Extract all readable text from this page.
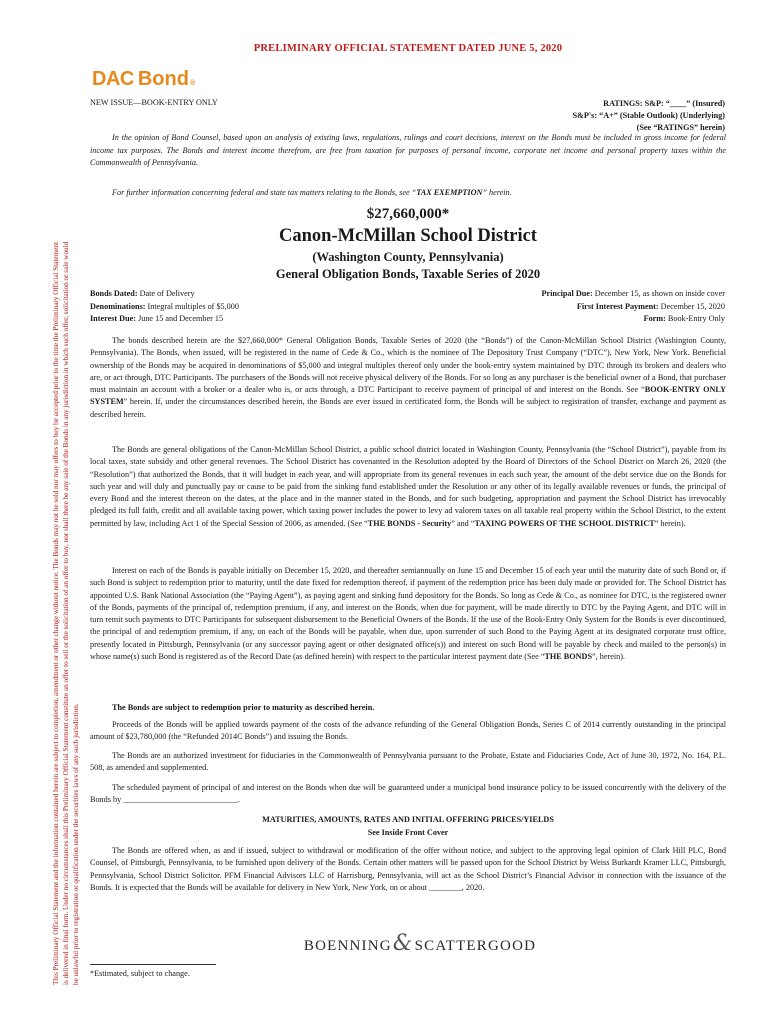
This Preliminary Official Statement and the information contained herein are subject to completion, amendment or other change without notice. The Bonds may not be sold nor may offers to buy be accepted prior to the time the Preliminary Official Statement is delivered in final form. Under no circumstances shall this Preliminary Official Statement constitute an offer to sell or the solicitation of an offer to buy, nor shall there be any sale of the Bonds in any jurisdiction in which such offer, solicitation or sale would be unlawful prior to registration or qualification under the securities laws of any such jurisdiction.
PRELIMINARY OFFICIAL STATEMENT DATED JUNE 5, 2020
DAC Bond ®
NEW ISSUE—BOOK-ENTRY ONLY	RATINGS: S&P: “____” (Insured)
S&P's: “A+” (Stable Outlook) (Underlying)
(See “RATINGS” herein)
In the opinion of Bond Counsel, based upon an analysis of existing laws, regulations, rulings and court decisions, interest on the Bonds must be included in gross income for federal income tax purposes. The Bonds and interest income therefrom, are free from taxation for purposes of personal income, corporate net income and personal property taxes within the Commonwealth of Pennsylvania.
For further information concerning federal and state tax matters relating to the Bonds, see “TAX EXEMPTION” herein.
$27,660,000*
Canon-McMillan School District
(Washington County, Pennsylvania)
General Obligation Bonds, Taxable Series of 2020
Bonds Dated: Date of Delivery
Denominations: Integral multiples of $5,000
Interest Due: June 15 and December 15
Principal Due: December 15, as shown on inside cover
First Interest Payment: December 15, 2020
Form: Book-Entry Only
The bonds described herein are the $27,660,000* General Obligation Bonds, Taxable Series of 2020 (the “Bonds”) of the Canon-McMillan School District (Washington County, Pennsylvania). The Bonds, when issued, will be registered in the name of Cede & Co., which is the nominee of The Depository Trust Company (“DTC”), New York, New York. Beneficial ownership of the Bonds may be acquired in denominations of $5,000 and integral multiples thereof only under the book-entry system maintained by DTC through its brokers and dealers who are, or act through, DTC Participants. The purchasers of the Bonds will not receive physical delivery of the Bonds. For so long as any purchaser is the beneficial owner of a Bond, that purchaser must maintain an account with a broker or a dealer who is, or acts through, a DTC Participant to receive payment of principal of and interest on the Bonds. See “BOOK-ENTRY ONLY SYSTEM” herein. If, under the circumstances described herein, the Bonds are ever issued in certificated form, the Bonds will be subject to registration of transfer, exchange and payment as described herein.
The Bonds are general obligations of the Canon-McMillan School District, a public school district located in Washington County, Pennsylvania (the “School District”), payable from its local taxes, state subsidy and other general revenues. The School District has covenanted in the Resolution adopted by the Board of Directors of the School District on March 26, 2020 (the “Resolution”) that authorized the Bonds, that it will budget in each year, and will appropriate from its general revenues in each such year, the amount of the debt service due on the Bonds for such year and will duly and punctually pay or cause to be paid from the sinking fund established under the Resolution or any other of its legally available revenues or funds, the principal of every Bond and the interest thereon on the dates, at the place and in the manner stated in the Bonds, and for such budgeting, appropriation and payment the School District has irrevocably pledged its full faith, credit and all available taxing power, which taxing power includes the power to levy ad valorem taxes on all taxable real property within the School District, to the extent permitted by law, including Act 1 of the Special Session of 2006, as amended. (See “THE BONDS - Security” and “TAXING POWERS OF THE SCHOOL DISTRICT” herein).
Interest on each of the Bonds is payable initially on December 15, 2020, and thereafter semiannually on June 15 and December 15 of each year until the maturity date of such Bond or, if such Bond is subject to redemption prior to maturity, until the date fixed for redemption thereof, if payment of the redemption price has been duly made or provided for. The School District has appointed U.S. Bank National Association (the “Paying Agent”), as paying agent and sinking fund depository for the Bonds. So long as Cede & Co., as nominee for DTC, is the registered owner of the Bonds, payments of the principal of, redemption premium, if any, and interest on the Bonds, when due for payment, will be made directly to DTC by the Paying Agent, and DTC will in turn remit such payments to DTC Participants for subsequent disbursement to the Beneficial Owners of the Bonds. If the use of the Book-Entry Only System for the Bonds is ever discontinued, the principal of and redemption premium, if any, on each of the Bonds will be payable, when due, upon surrender of such Bond to the Paying Agent at its designated corporate trust office, presently located in Pittsburgh, Pennsylvania (or any successor paying agent or other designated office(s)) and interest on such Bond will be payable by check and mailed to the person(s) in whose name(s) such Bond is registered as of the Record Date (as defined herein) with respect to the particular interest payment date (See “THE BONDS”, herein).
The Bonds are subject to redemption prior to maturity as described herein.
Proceeds of the Bonds will be applied towards payment of the costs of the advance refunding of the General Obligation Bonds, Series C of 2014 currently outstanding in the principal amount of $23,780,000 (the “Refunded 2014C Bonds”) and issuing the Bonds.
The Bonds are an authorized investment for fiduciaries in the Commonwealth of Pennsylvania pursuant to the Probate, Estate and Fiduciaries Code, Act of June 30, 1972, No. 164, P.L. 508, as amended and supplemented.
The scheduled payment of principal of and interest on the Bonds when due will be guaranteed under a municipal bond insurance policy to be issued concurrently with the delivery of the Bonds by ____________________________.
MATURITIES, AMOUNTS, RATES AND INITIAL OFFERING PRICES/YIELDS
See Inside Front Cover
The Bonds are offered when, as and if issued, subject to withdrawal or modification of the offer without notice, and subject to the approving legal opinion of Clark Hill PLC, Bond Counsel, of Pittsburgh, Pennsylvania, to be furnished upon delivery of the Bonds. Certain other matters will be passed upon for the School District by Weiss Burkardt Kramer LLC, Pittsburgh, Pennsylvania, School District Solicitor. PFM Financial Advisors LLC of Harrisburg, Pennsylvania, will act as the School District’s Financial Advisor in connection with the issuance of the Bonds. It is expected that the Bonds will be available for delivery in New York, New York, on or about ________, 2020.
BOENNING&SCATTERGOOD
*Estimated, subject to change.
